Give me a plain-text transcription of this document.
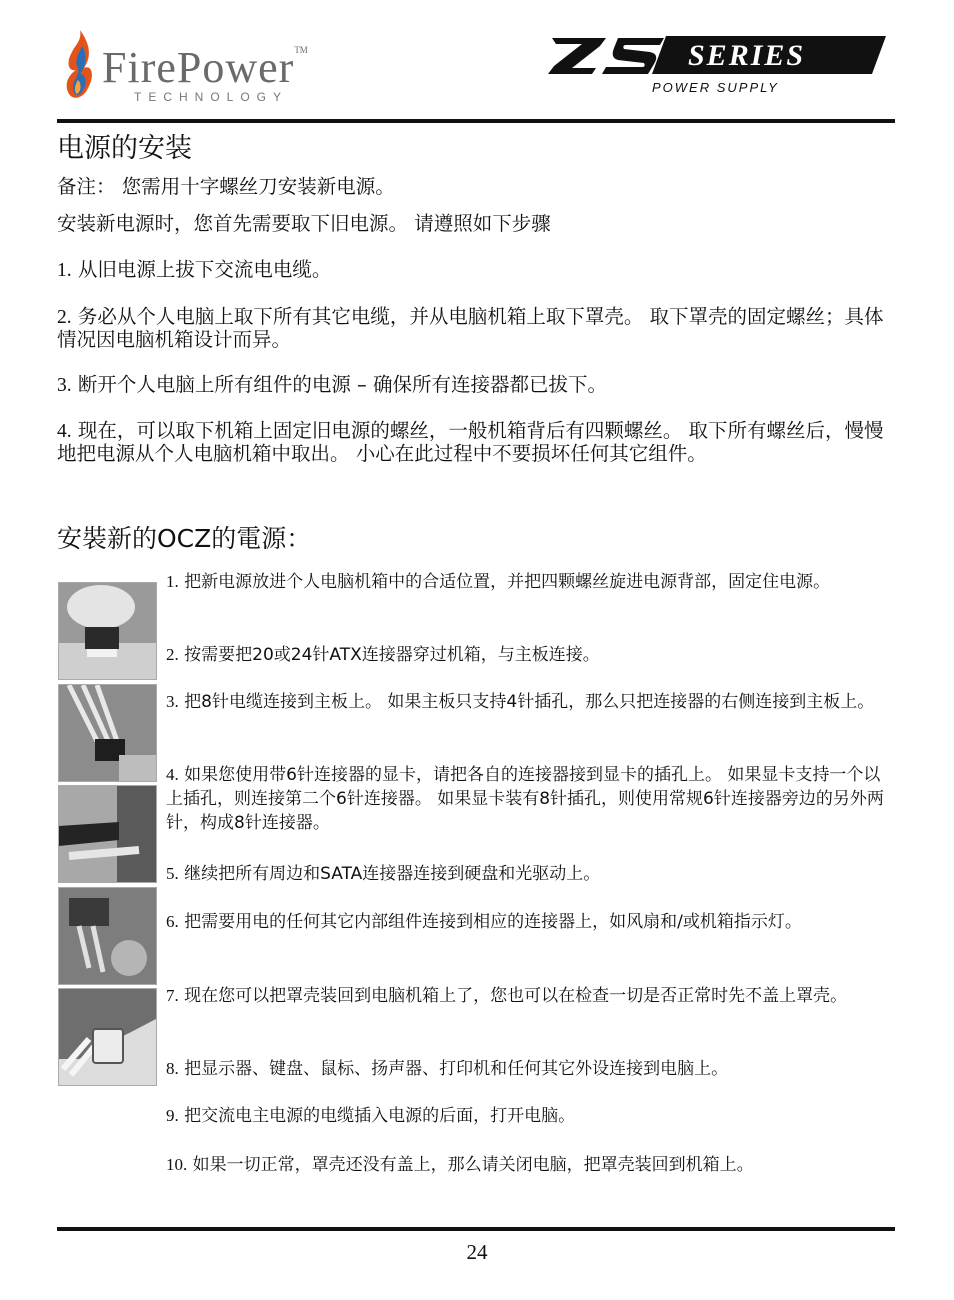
FirePower™
TECHNOLOGY
SERIES
POWER SUPPLY
电源的安装
备注： 您需用十字螺丝刀安装新电源。
安装新电源时，您首先需要取下旧电源。 请遵照如下步骤
1. 从旧电源上拔下交流电电缆。
2. 务必从个人电脑上取下所有其它电缆，并从电脑机箱上取下罩壳。 取下罩壳的固定螺丝；具体情况因电脑机箱设计而异。
3. 断开个人电脑上所有组件的电源 – 确保所有连接器都已拔下。
4. 现在，可以取下机箱上固定旧电源的螺丝，一般机箱背后有四颗螺丝。 取下所有螺丝后，慢慢地把电源从个人电脑机箱中取出。 小心在此过程中不要损坏任何其它组件。
安裝新的OCZ的電源：
1. 把新电源放进个人电脑机箱中的合适位置，并把四颗螺丝旋进电源背部，固定住电源。
2. 按需要把20或24针ATX连接器穿过机箱，与主板连接。
3. 把8针电缆连接到主板上。 如果主板只支持4针插孔，那么只把连接器的右侧连接到主板上。
4. 如果您使用带6针连接器的显卡，请把各自的连接器接到显卡的插孔上。 如果显卡支持一个以上插孔，则连接第二个6针连接器。 如果显卡装有8针插孔，则使用常规6针连接器旁边的另外两针，构成8针连接器。
5. 继续把所有周边和SATA连接器连接到硬盘和光驱动上。
6. 把需要用电的任何其它内部组件连接到相应的连接器上，如风扇和/或机箱指示灯。
7. 现在您可以把罩壳装回到电脑机箱上了，您也可以在检查一切是否正常时先不盖上罩壳。
8. 把显示器、键盘、鼠标、扬声器、打印机和任何其它外设连接到电脑上。
9. 把交流电主电源的电缆插入电源的后面，打开电脑。
10. 如果一切正常，罩壳还没有盖上，那么请关闭电脑，把罩壳装回到机箱上。
24
